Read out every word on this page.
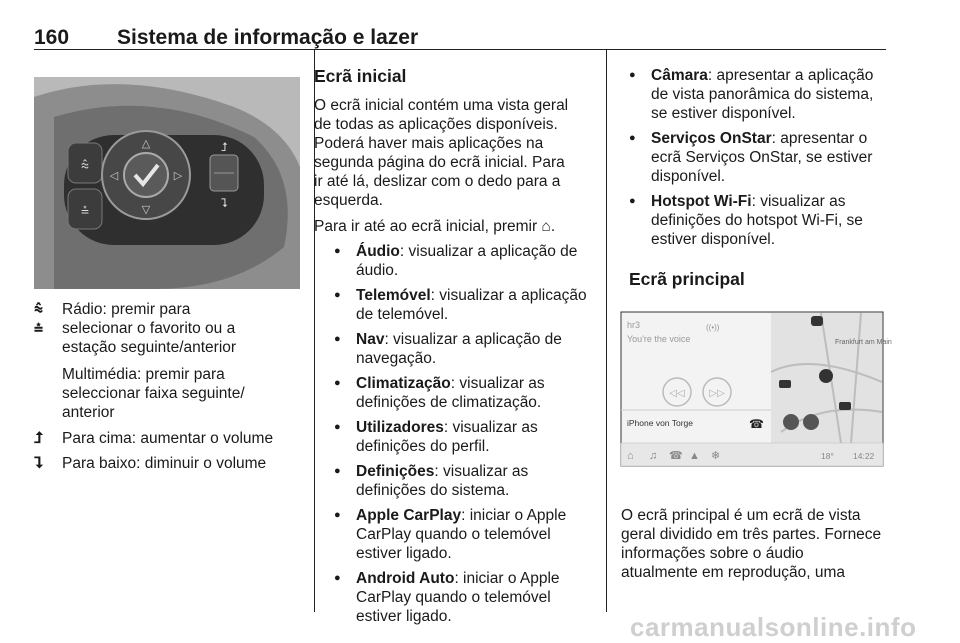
160 Sistema de informação e lazer
⩯
⩮
△
▽
◁	▷
⮥
⮧
⩯
⩮
Rádio: premir para
selecionar o favorito ou a
estação seguinte/anterior
Multimédia: premir para
seleccionar faixa seguinte/
anterior
⮥	Para cima: aumentar o volume
⮧	Para baixo: diminuir o volume
Ecrã inicial
O ecrã inicial contém uma vista geral
de todas as aplicações disponíveis.
Poderá haver mais aplicações na
segunda página do ecrã inicial. Para
ir até lá, deslizar com o dedo para a
esquerda.
Para ir até ao ecrã inicial, premir ⌂.
● Áudio: visualizar a aplicação de
áudio.
● Telemóvel: visualizar a aplicação
de telemóvel.
● Nav: visualizar a aplicação de
navegação.
● Climatização: visualizar as
definições de climatização.
● Utilizadores: visualizar as
definições do perfil.
● Definições: visualizar as
definições do sistema.
● Apple CarPlay: iniciar o Apple
CarPlay quando o telemóvel
estiver ligado.
● Android Auto: iniciar o Apple
CarPlay quando o telemóvel
estiver ligado.
● Câmara: apresentar a aplicação
de vista panorâmica do sistema,
se estiver disponível.
● Serviços OnStar: apresentar o
ecrã Serviços OnStar, se estiver
disponível.
● Hotspot Wi-Fi: visualizar as
definições do hotspot Wi-Fi, se
estiver disponível.
Ecrã principal
Frankfurt am Main
hr3
You're the voice
((•))
◁◁ ▷▷
iPhone von Torge	☎
⌂ ♫ ☎ ▲ ❄	18° 14:22
O ecrã principal é um ecrã de vista
geral dividido em três partes. Fornece
informações sobre o áudio
atualmente em reprodução, uma
carmanualsonline.info
